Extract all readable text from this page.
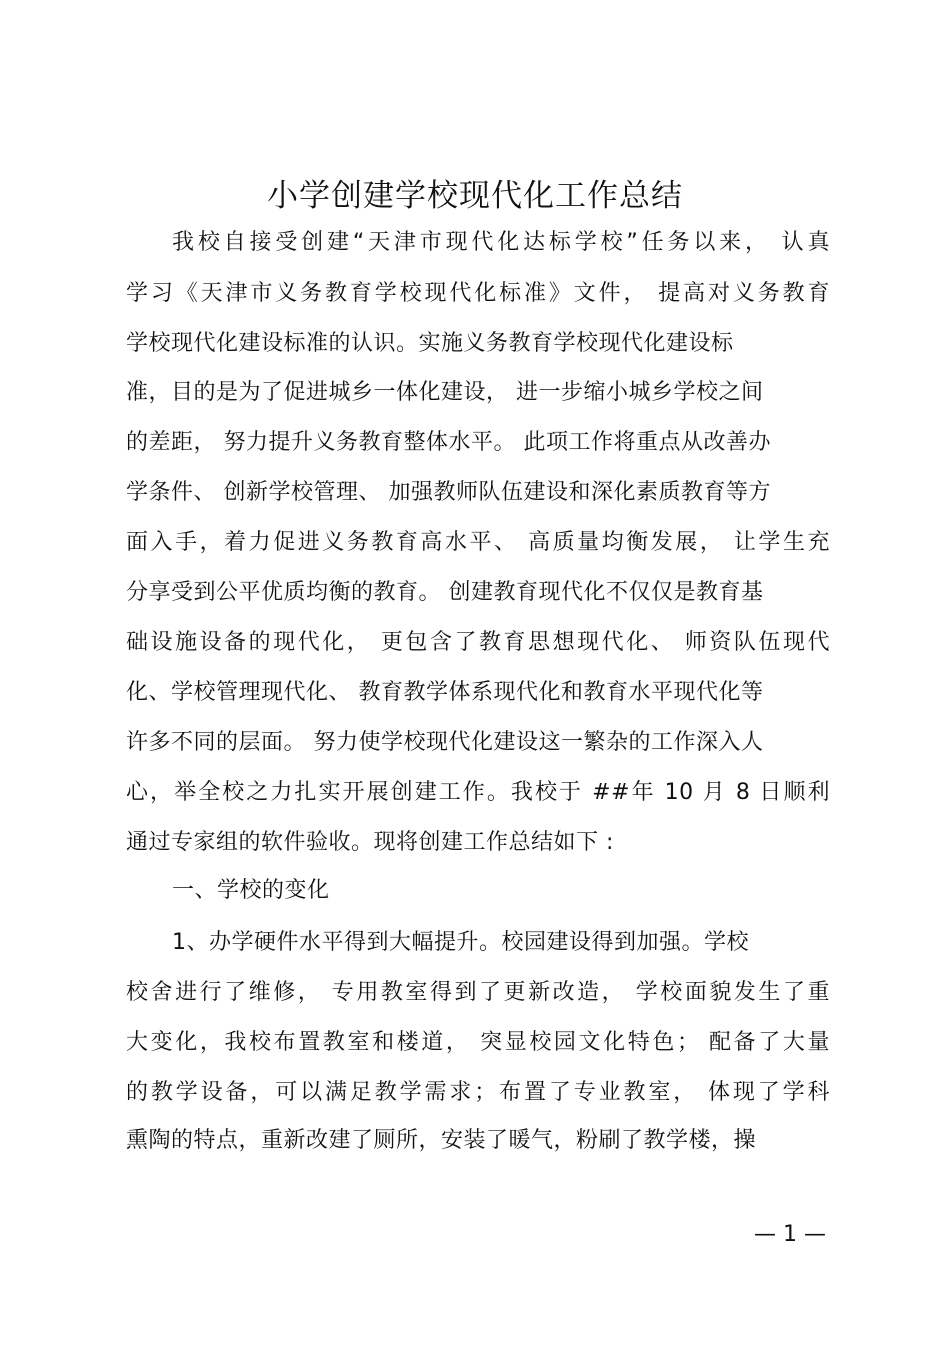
小学创建学校现代化工作总结
我校自接受创建“天津市现代化达标学校”任务以来， 认真
学习《天津市义务教育学校现代化标准》文件， 提高对义务教育
学校现代化建设标准的认识。实施义务教育学校现代化建设标
准，目的是为了促进城乡一体化建设， 进一步缩小城乡学校之间
的差距， 努力提升义务教育整体水平。 此项工作将重点从改善办
学条件、 创新学校管理、 加强教师队伍建设和深化素质教育等方
面入手，着力促进义务教育高水平、 高质量均衡发展， 让学生充
分享受到公平优质均衡的教育。 创建教育现代化不仅仅是教育基
础设施设备的现代化， 更包含了教育思想现代化、 师资队伍现代
化、学校管理现代化、 教育教学体系现代化和教育水平现代化等
许多不同的层面。 努力使学校现代化建设这一繁杂的工作深入人
心，举全校之力扎实开展创建工作。我校于 ##年 10 月 8 日顺利
通过专家组的软件验收。现将创建工作总结如下 :
一、学校的变化
1、办学硬件水平得到大幅提升。校园建设得到加强。学校
校舍进行了维修， 专用教室得到了更新改造， 学校面貌发生了重
大变化，我校布置教室和楼道， 突显校园文化特色； 配备了大量
的教学设备，可以满足教学需求；布置了专业教室， 体现了学科
熏陶的特点，重新改建了厕所，安装了暖气，粉刷了教学楼，操
— 1 —
